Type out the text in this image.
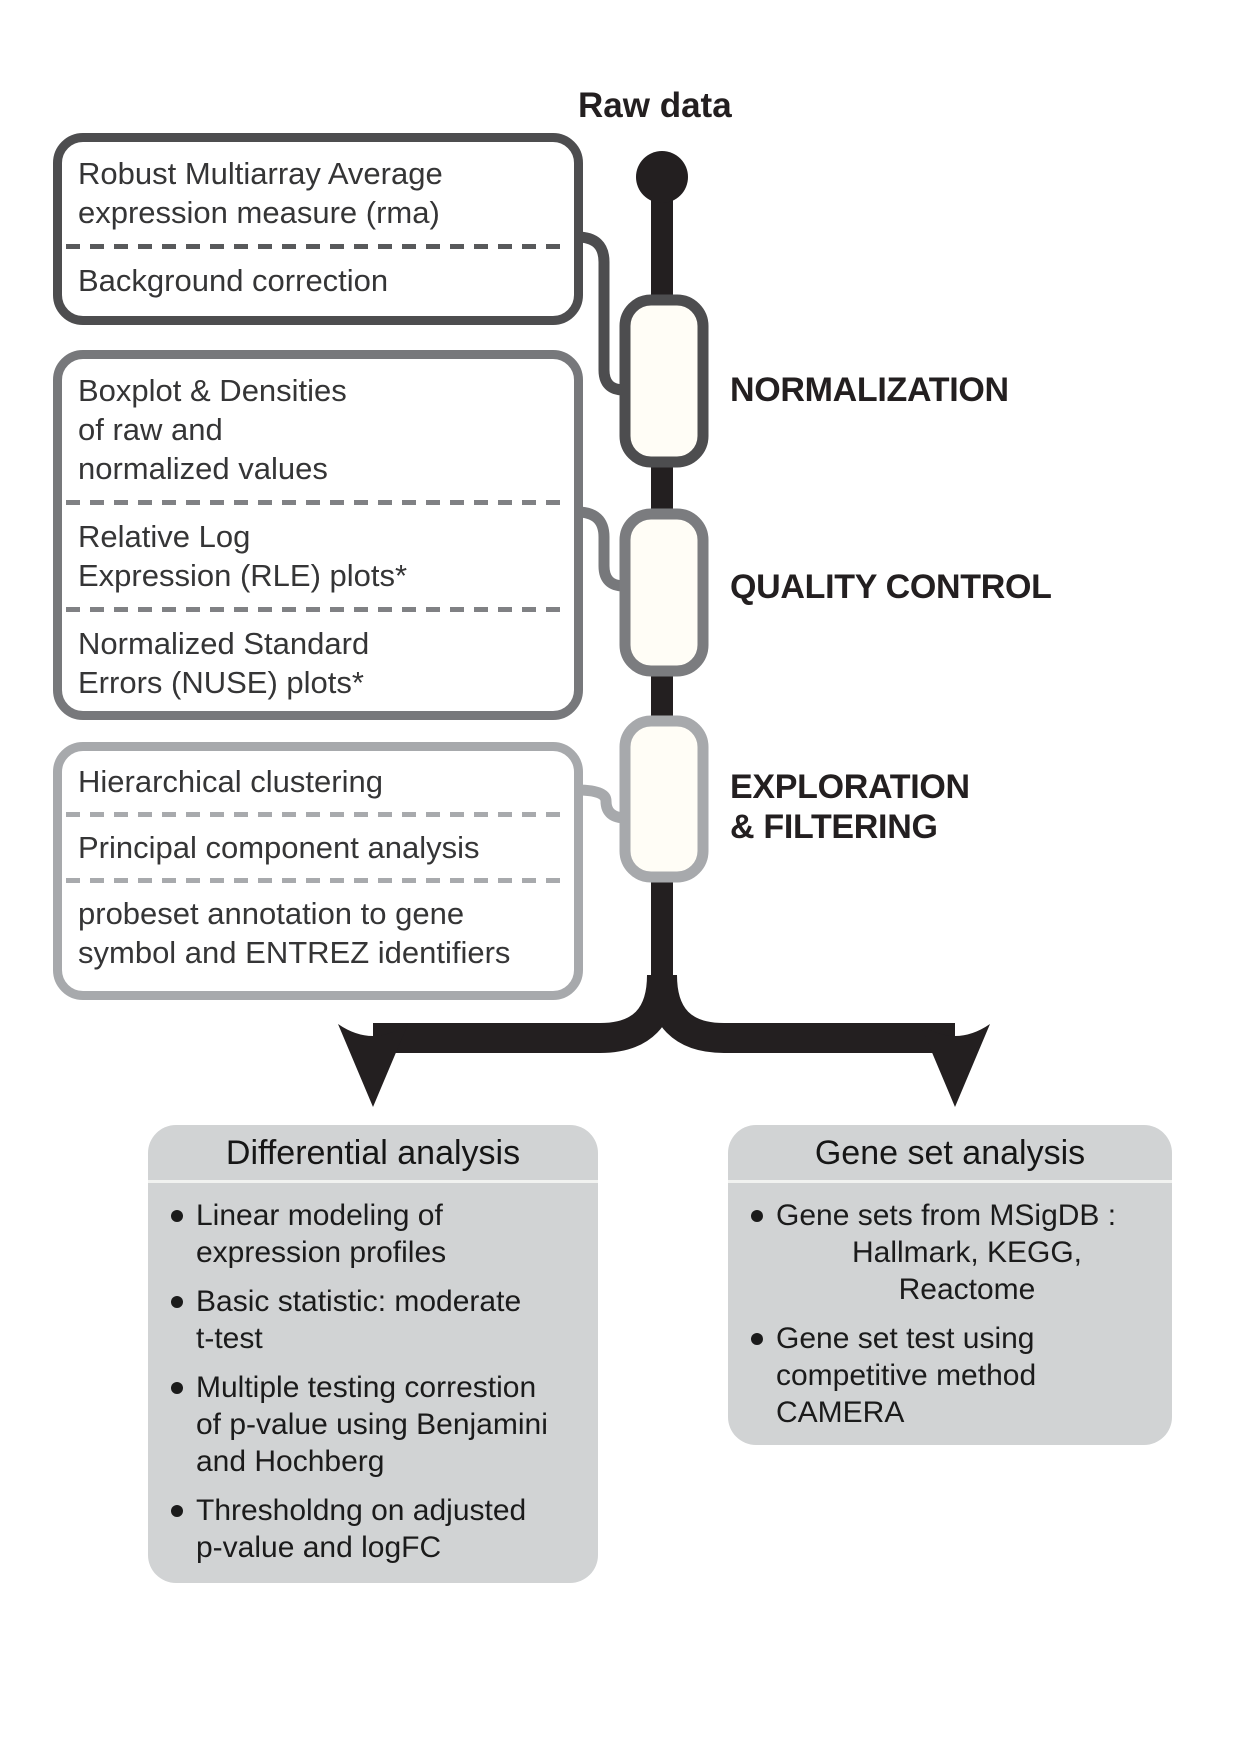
Raw data
Robust Multiarray Average
expression measure (rma)
Background correction
Boxplot & Densities
of raw and
normalized values
Relative Log
Expression (RLE) plots*
Normalized Standard
Errors (NUSE) plots*
Hierarchical clustering
Principal component analysis
probeset annotation to gene
symbol and ENTREZ identifiers
NORMALIZATION
QUALITY CONTROL
EXPLORATION
& FILTERING
Differential analysis
Linear modeling of
expression profiles
Basic statistic: moderate
t-test
Multiple testing correstion
of p-value using Benjamini
and Hochberg
Thresholdng on adjusted
p-value and logFC
Gene set analysis
Gene sets from MSigDB :
Hallmark, KEGG,
Reactome
Gene set test using
competitive method
CAMERA
